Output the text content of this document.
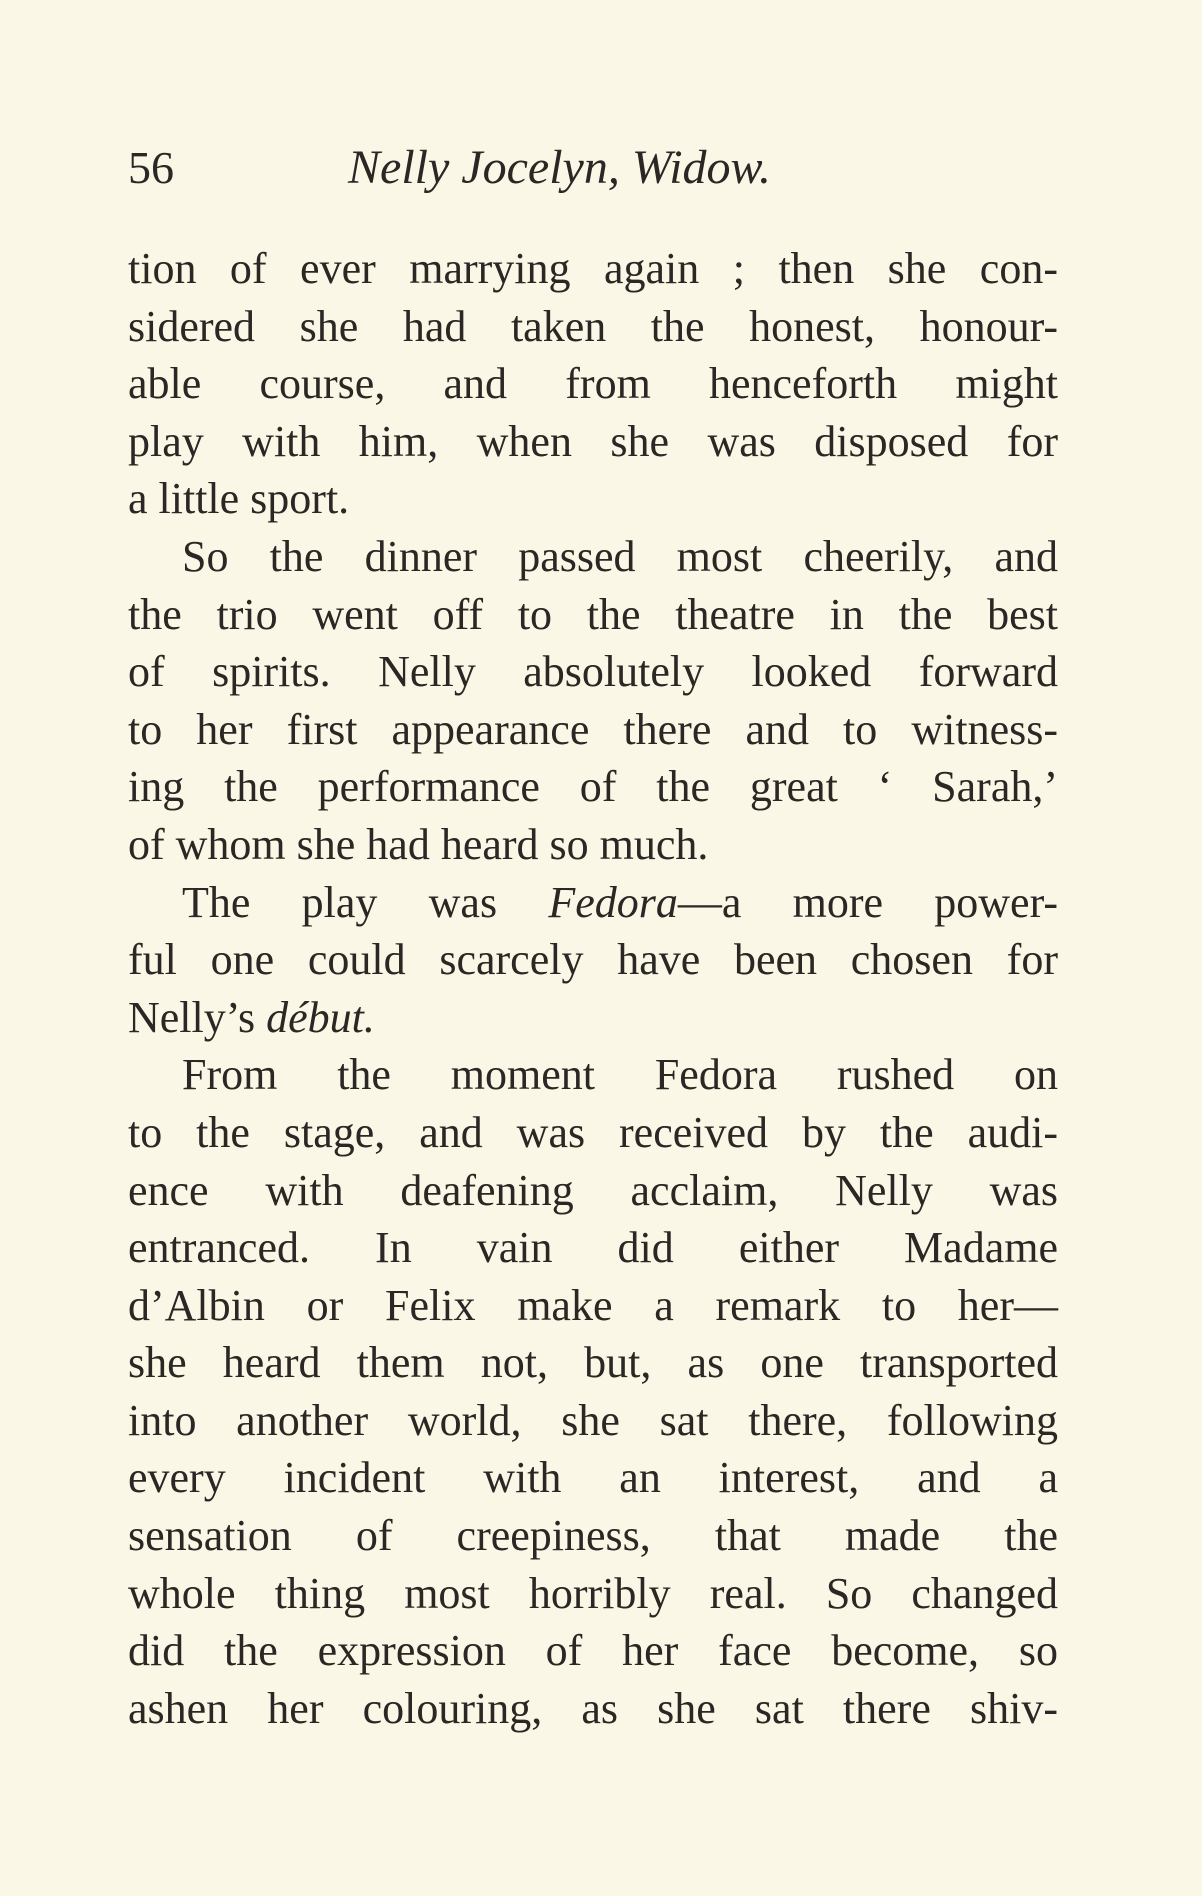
56	Nelly Jocelyn, Widow.
tion of ever marrying again ; then she con-
sidered she had taken the honest, honour-
able course, and from henceforth might
play with him, when she was disposed for
a little sport.
So the dinner passed most cheerily, and
the trio went off to the theatre in the best
of spirits. Nelly absolutely looked forward
to her first appearance there and to witness-
ing the performance of the great ‘ Sarah,’
of whom she had heard so much.
The play was Fedora—a more power-
ful one could scarcely have been chosen for
Nelly’s début.
From the moment Fedora rushed on
to the stage, and was received by the audi-
ence with deafening acclaim, Nelly was
entranced. In vain did either Madame
d’Albin or Felix make a remark to her—
she heard them not, but, as one transported
into another world, she sat there, following
every incident with an interest, and a
sensation of creepiness, that made the
whole thing most horribly real. So changed
did the expression of her face become, so
ashen her colouring, as she sat there shiv-
